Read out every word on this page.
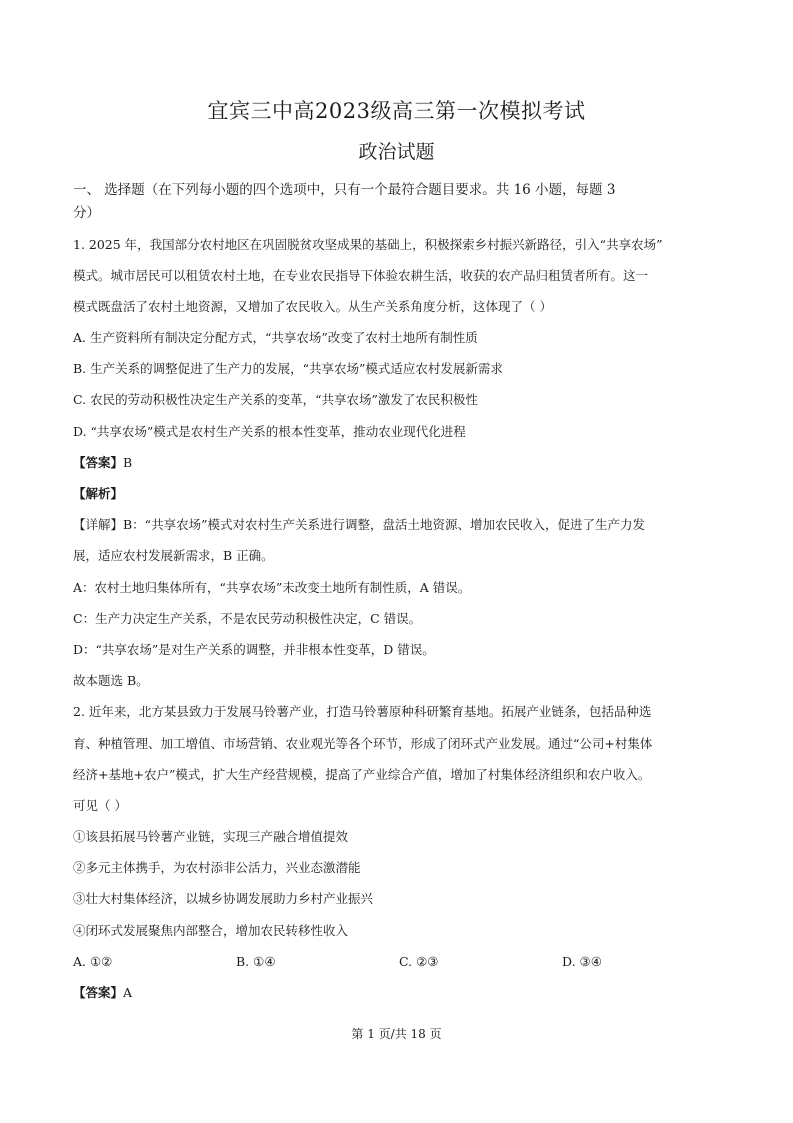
宜宾三中高2023级高三第一次模拟考试
政治试题
一、 选择题（在下列每小题的四个选项中，只有一个最符合题目要求。共 16 小题，每题 3
分）
1. 2025 年，我国部分农村地区在巩固脱贫攻坚成果的基础上，积极探索乡村振兴新路径，引入“共享农场”
模式。城市居民可以租赁农村土地，在专业农民指导下体验农耕生活，收获的农产品归租赁者所有。这一
模式既盘活了农村土地资源，又增加了农民收入。从生产关系角度分析，这体现了（ ）
A. 生产资料所有制决定分配方式，“共享农场”改变了农村土地所有制性质
B. 生产关系的调整促进了生产力的发展，“共享农场”模式适应农村发展新需求
C. 农民的劳动积极性决定生产关系的变革，“共享农场”激发了农民积极性
D. “共享农场”模式是农村生产关系的根本性变革，推动农业现代化进程
【答案】B
【解析】
【详解】B：“共享农场”模式对农村生产关系进行调整，盘活土地资源、增加农民收入，促进了生产力发
展，适应农村发展新需求，B 正确。
A：农村土地归集体所有，“共享农场”未改变土地所有制性质，A 错误。
C：生产力决定生产关系，不是农民劳动积极性决定，C 错误。
D：“共享农场”是对生产关系的调整，并非根本性变革，D 错误。
故本题选 B。
2. 近年来，北方某县致力于发展马铃薯产业，打造马铃薯原种科研繁育基地。拓展产业链条，包括品种选
育、种植管理、加工增值、市场营销、农业观光等各个环节，形成了闭环式产业发展。通过“公司+村集体
经济+基地+农户”模式，扩大生产经营规模，提高了产业综合产值，增加了村集体经济组织和农户收入。
可见（ ）
①该县拓展马铃薯产业链，实现三产融合增值提效
②多元主体携手，为农村添非公活力，兴业态激潜能
③壮大村集体经济，以城乡协调发展助力乡村产业振兴
④闭环式发展聚焦内部整合，增加农民转移性收入
A. ①②	B. ①④	C. ②③	D. ③④
【答案】A
第 1 页/共 18 页
